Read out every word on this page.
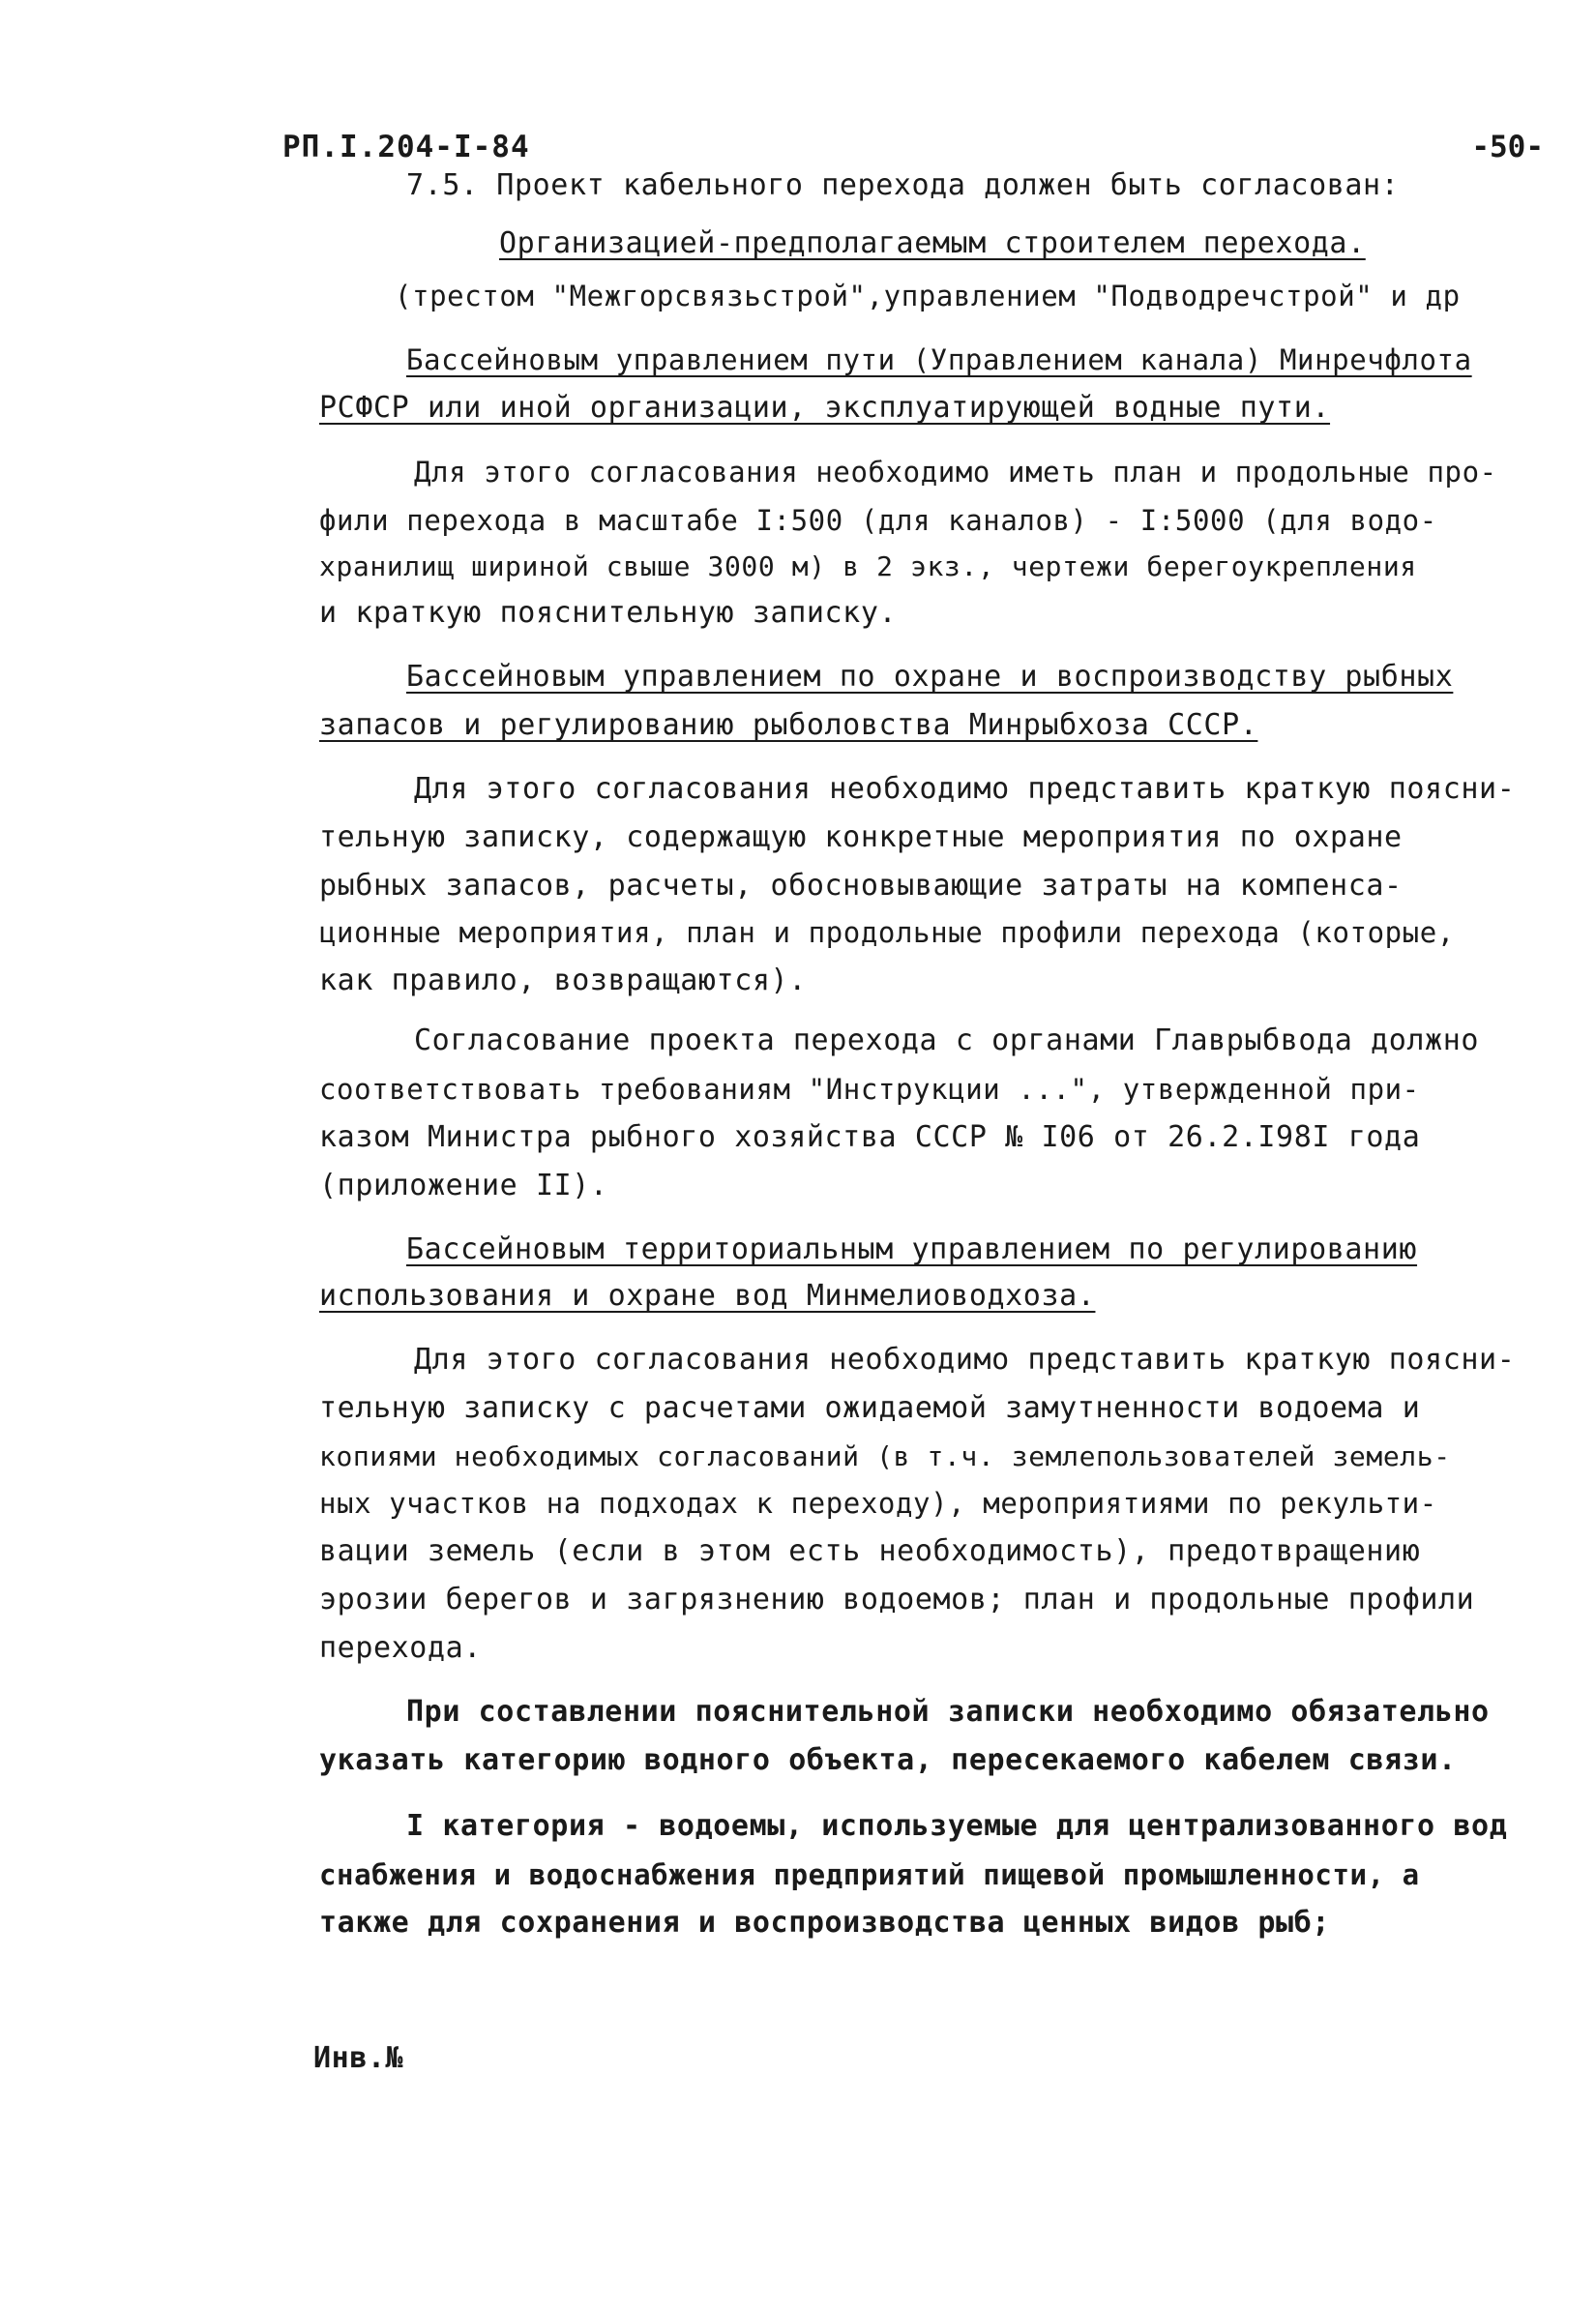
РП.I.204-I-84	-50-
7.5. Проект кабельного перехода должен быть согласован:
Организацией-предполагаемым строителем перехода.
(трестом "Межгорсвязьстрой",управлением "Подводречстрой" и др
Бассейновым управлением пути (Управлением канала) Минречфлота
РСФСР или иной организации, эксплуатирующей водные пути.
Для этого согласования необходимо иметь план и продольные про-
фили перехода в масштабе I:500 (для каналов) - I:5000 (для водо-
хранилищ шириной свыше 3000 м) в 2 экз., чертежи берегоукрепления
и краткую пояснительную записку.
Бассейновым управлением по охране и воспроизводству рыбных
запасов и регулированию рыболовства Минрыбхоза СССР.
Для этого согласования необходимо представить краткую поясни-
тельную записку, содержащую конкретные мероприятия по охране
рыбных запасов, расчеты, обосновывающие затраты на компенса-
ционные мероприятия, план и продольные профили перехода (которые,
как правило, возвращаются).
Согласование проекта перехода с органами Главрыбвода должно
соответствовать требованиям "Инструкции ...", утвержденной при-
казом Министра рыбного хозяйства СССР № I06 от 26.2.I98I года
(приложение II).
Бассейновым территориальным управлением по регулированию
использования и охране вод Минмелиоводхоза.
Для этого согласования необходимо представить краткую поясни-
тельную записку с расчетами ожидаемой замутненности водоема и
копиями необходимых согласований (в т.ч. землепользователей земель-
ных участков на подходах к переходу), мероприятиями по рекульти-
вации земель (если в этом есть необходимость), предотвращению
эрозии берегов и загрязнению водоемов; план и продольные профили
перехода.
При составлении пояснительной записки необходимо обязательно
указать категорию водного объекта, пересекаемого кабелем связи.
I категория - водоемы, используемые для централизованного вод
снабжения и водоснабжения предприятий пищевой промышленности, а
также для сохранения и воспроизводства ценных видов рыб;
Инв.№
